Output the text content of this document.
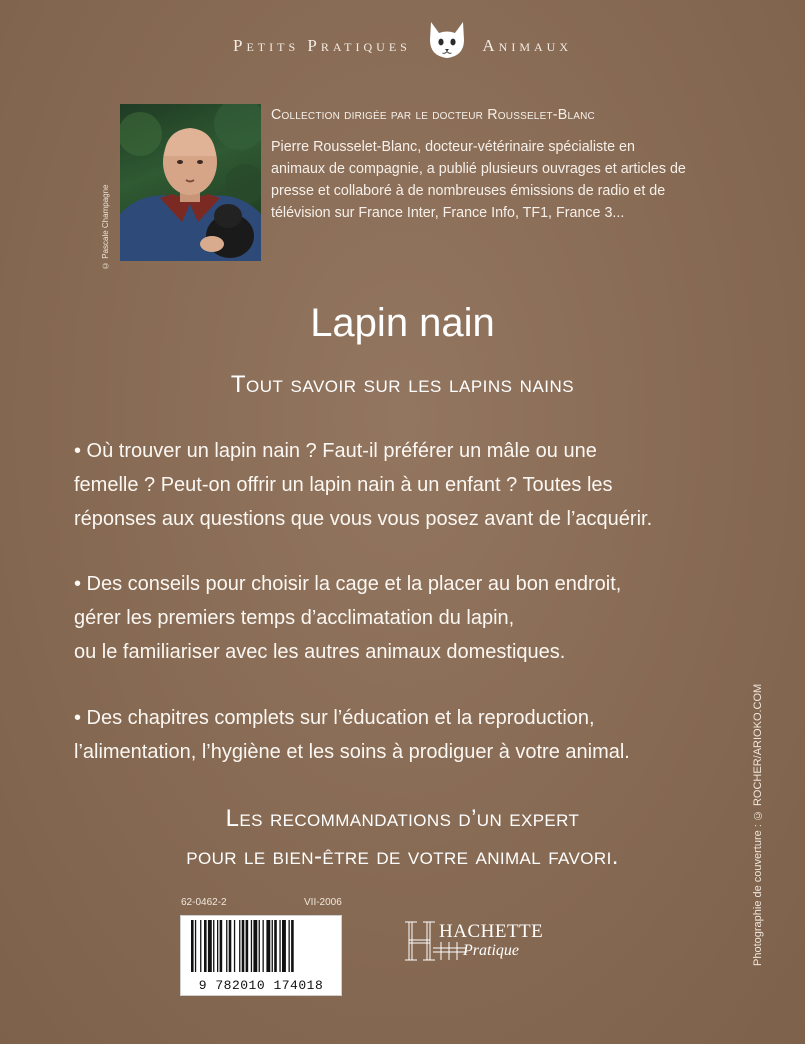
Petits Pratiques	Animaux
© Pascale Champagne
Collection dirigée par le docteur Rousselet-Blanc
Pierre Rousselet-Blanc, docteur-vétérinaire spécialiste en animaux de compagnie, a publié plusieurs ouvrages et articles de presse et collaboré à de nombreuses émissions de radio et de télévision sur France Inter, France Info, TF1, France 3...
Lapin nain
Tout savoir sur les lapins nains
• Où trouver un lapin nain ? Faut-il préférer un mâle ou une
femelle ? Peut-on offrir un lapin nain à un enfant ? Toutes les
réponses aux questions que vous vous posez avant de l’acquérir.
• Des conseils pour choisir la cage et la placer au bon endroit,
gérer les premiers temps d’acclimatation du lapin,
ou le familiariser avec les autres animaux domestiques.
• Des chapitres complets sur l’éducation et la reproduction,
l’alimentation, l’hygiène et les soins à prodiguer à votre animal.
Les recommandations d’un expert
pour le bien-être de votre animal favori.	Photographie de couverture : © ROCHER/ARIOKO.COM
62-0462-2	VII-2006
9 782010 174018
HACHETTE
Pratique
